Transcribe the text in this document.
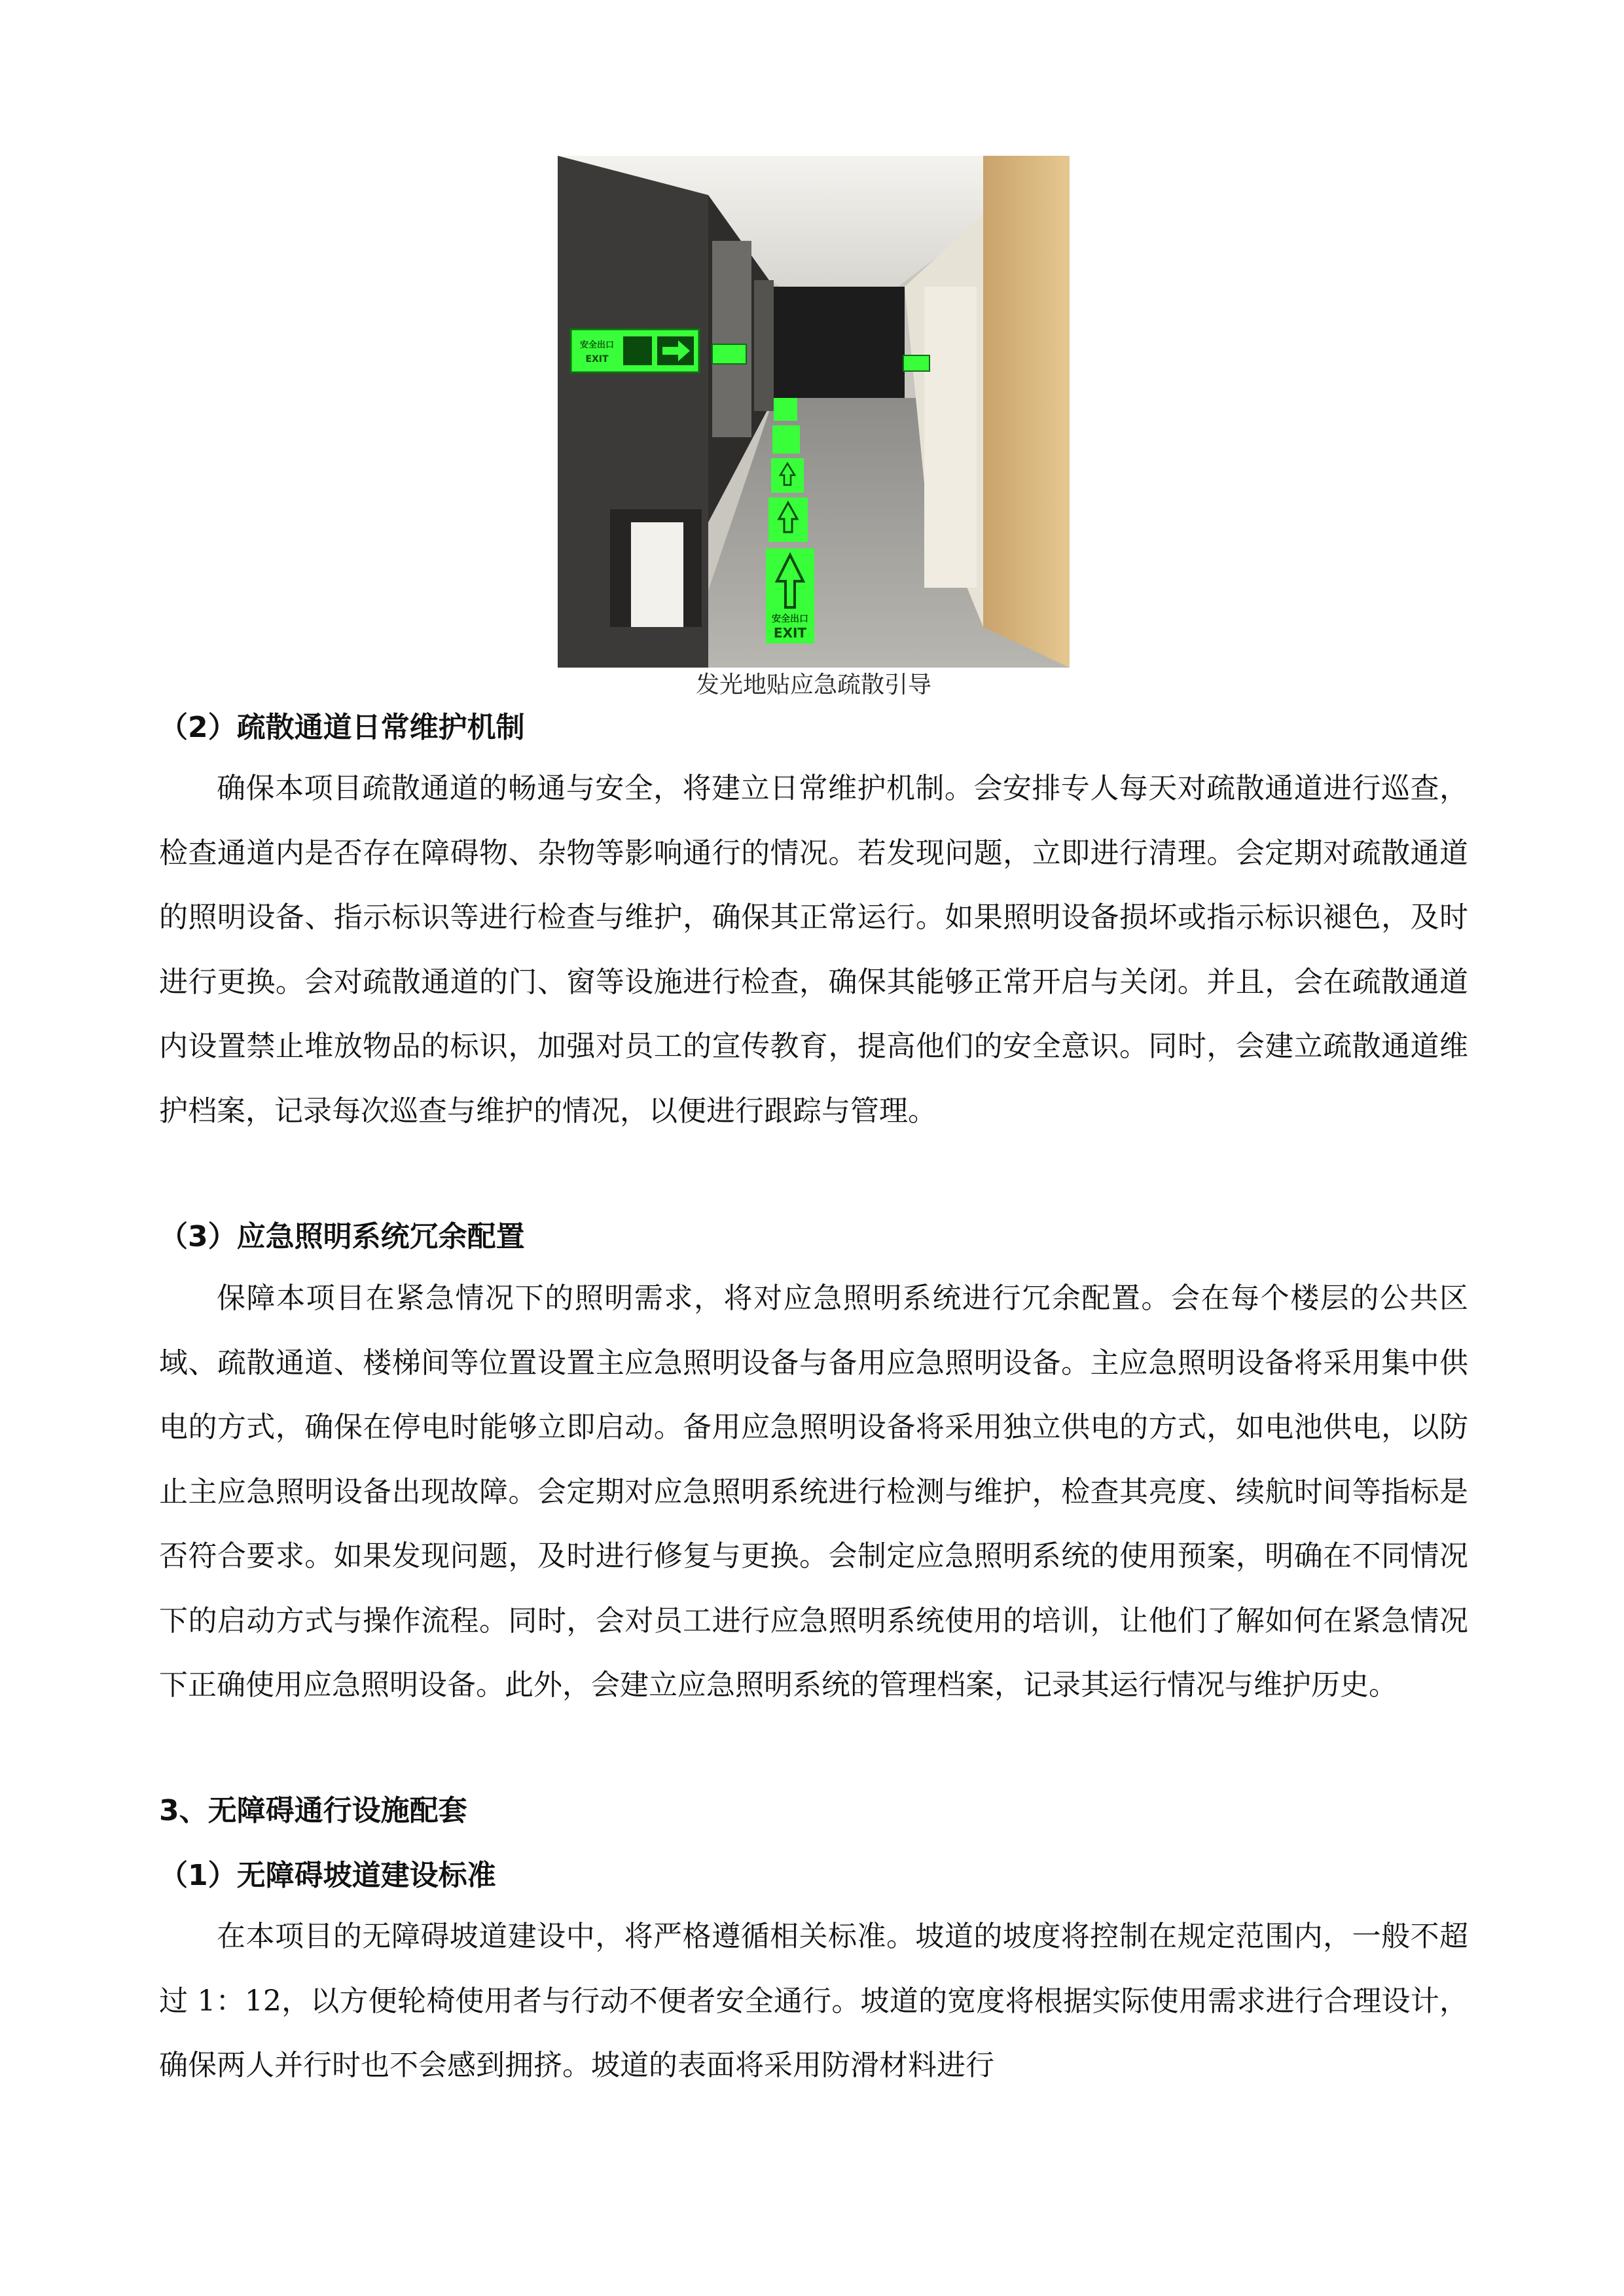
安全出口
EXIT
安全出口
EXIT
发光地贴应急疏散引导
（2）疏散通道日常维护机制

确保本项目疏散通道的畅通与安全，将建立日常维护机制。会安排专人每天对疏散通道进行巡查，检查通道内是否存在障碍物、杂物等影响通行的情况。若发现问题，立即进行清理。会定期对疏散通道的照明设备、指示标识等进行检查与维护，确保其正常运行。如果照明设备损坏或指示标识褪色，及时进行更换。会对疏散通道的门、窗等设施进行检查，确保其能够正常开启与关闭。并且，会在疏散通道内设置禁止堆放物品的标识，加强对员工的宣传教育，提高他们的安全意识。同时，会建立疏散通道维护档案，记录每次巡查与维护的情况，以便进行跟踪与管理。

（3）应急照明系统冗余配置

保障本项目在紧急情况下的照明需求，将对应急照明系统进行冗余配置。会在每个楼层的公共区域、疏散通道、楼梯间等位置设置主应急照明设备与备用应急照明设备。主应急照明设备将采用集中供电的方式，确保在停电时能够立即启动。备用应急照明设备将采用独立供电的方式，如电池供电，以防止主应急照明设备出现故障。会定期对应急照明系统进行检测与维护，检查其亮度、续航时间等指标是否符合要求。如果发现问题，及时进行修复与更换。会制定应急照明系统的使用预案，明确在不同情况下的启动方式与操作流程。同时，会对员工进行应急照明系统使用的培训，让他们了解如何在紧急情况下正确使用应急照明设备。此外，会建立应急照明系统的管理档案，记录其运行情况与维护历史。

3、无障碍通行设施配套
（1）无障碍坡道建设标准

在本项目的无障碍坡道建设中，将严格遵循相关标准。坡道的坡度将控制在规定范围内，一般不超过 1：12，以方便轮椅使用者与行动不便者安全通行。坡道的宽度将根据实际使用需求进行合理设计，确保两人并行时也不会感到拥挤。坡道的表面将采用防滑材料进行
